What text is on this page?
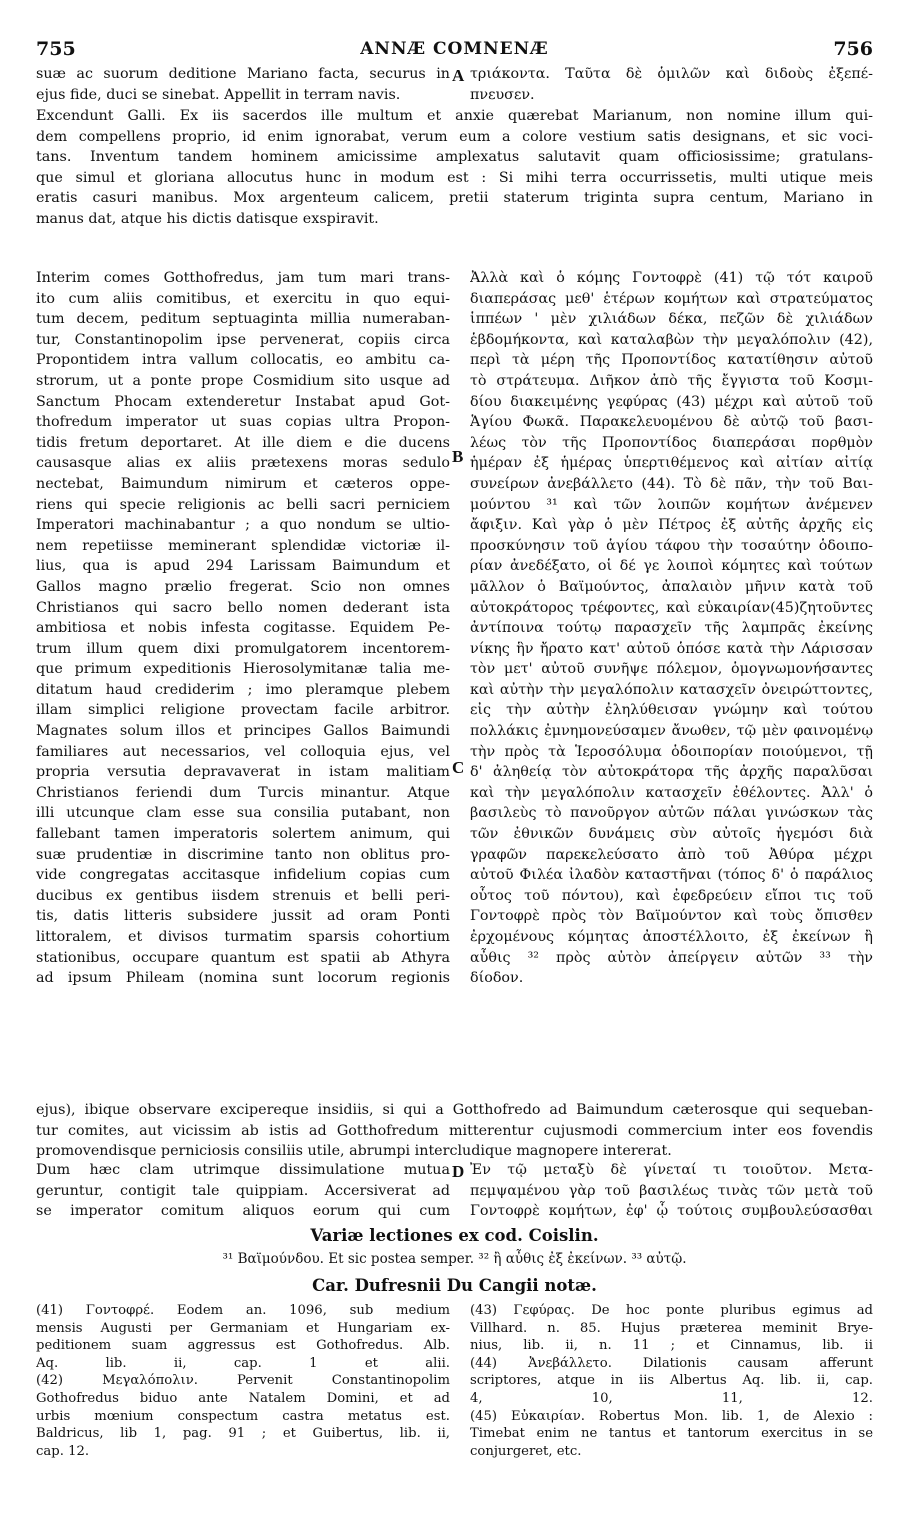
755	ANNÆ COMNENÆ	756
suæ ac suorum deditione Mariano facta, securus in
ejus fide, duci se sinebat. Appellit in terram navis.
A τριάκοντα. Ταῦτα δὲ ὁμιλῶν καὶ διδοὺς ἐξεπέ-
πνευσεν.
Excendunt Galli. Ex iis sacerdos ille multum et anxie quærebat Marianum, non nomine illum qui-
dem compellens proprio, id enim ignorabat, verum eum a colore vestium satis designans, et sic voci-
tans. Inventum tandem hominem amicissime amplexatus salutavit quam officiosissime; gratulans-
que simul et gloriana allocutus hunc in modum est : Si mihi terra occurrissetis, multi utique meis
eratis casuri manibus. Mox argenteum calicem, pretii staterum triginta supra centum, Mariano in
manus dat, atque his dictis datisque exspiravit.
Interim comes Gotthofredus, jam tum mari trans-
ito cum aliis comitibus, et exercitu in quo equi-
tum decem, peditum septuaginta millia numeraban-
tur, Constantinopolim ipse pervenerat, copiis circa
Propontidem intra vallum collocatis, eo ambitu ca-
strorum, ut a ponte prope Cosmidium sito usque ad
Sanctum Phocam extenderetur Instabat apud Got-
thofredum imperator ut suas copias ultra Propon-
tidis fretum deportaret. At ille diem e die ducens
causasque alias ex aliis prætexens moras sedulo
nectebat, Baimundum nimirum et cæteros oppe-
riens qui specie religionis ac belli sacri perniciem
Imperatori machinabantur ; a quo nondum se ultio-
nem repetiisse meminerant splendidæ victoriæ il-
lius, qua is apud 294 Larissam Baimundum et
Gallos magno prælio fregerat. Scio non omnes
Christianos qui sacro bello nomen dederant ista
ambitiosa et nobis infesta cogitasse. Equidem Pe-
trum illum quem dixi promulgatorem incentorem-
que primum expeditionis Hierosolymitanæ talia me-
ditatum haud crediderim ; imo pleramque plebem
illam simplici religione provectam facile arbitror.
Magnates solum illos et principes Gallos Baimundi
familiares aut necessarios, vel colloquia ejus, vel
propria versutia depravaverat in istam malitiam
Christianos feriendi dum Turcis minantur. Atque
illi utcunque clam esse sua consilia putabant, non
fallebant tamen imperatoris solertem animum, qui
suæ prudentiæ in discrimine tanto non oblitus pro-
vide congregatas accitasque infidelium copias cum
ducibus ex gentibus iisdem strenuis et belli peri-
tis, datis litteris subsidere jussit ad oram Ponti
littoralem, et divisos turmatim sparsis cohortium
stationibus, occupare quantum est spatii ab Athyra
ad ipsum Phileam (nomina sunt locorum regionis
Ἀλλὰ καὶ ὁ κόμης Γοντοφρὲ (41) τῷ τότ καιροῦ
διαπεράσας μεθ' ἑτέρων κομήτων καὶ στρατεύματος
ἱππέων ' μὲν χιλιάδων δέκα, πεζῶν δὲ χιλιάδων
ἑβδομήκοντα, καὶ καταλαβὼν τὴν μεγαλόπολιν (42),
περὶ τὰ μέρη τῆς Προποντίδος κατατίθησιν αὐτοῦ
τὸ στράτευμα. Διῆκον ἀπὸ τῆς ἔγγιστα τοῦ Κοσμι-
δίου διακειμένης γεφύρας (43) μέχρι καὶ αὐτοῦ τοῦ
Ἁγίου Φωκᾶ. Παρακελευομένου δὲ αὐτῷ τοῦ βασι-
λέως τὸν τῆς Προποντίδος διαπεράσαι πορθμὸν
ἡμέραν ἐξ ἡμέρας ὑπερτιθέμενος καὶ αἰτίαν αἰτίᾳ
συνείρων ἀνεβάλλετο (44). Τὸ δὲ πᾶν, τὴν τοῦ Βαι-
μούντου ³¹ καὶ τῶν λοιπῶν κομήτων ἀνέμενεν
ἄφιξιν. Καὶ γὰρ ὁ μὲν Πέτρος ἐξ αὐτῆς ἀρχῆς εἰς
προσκύνησιν τοῦ ἁγίου τάφου τὴν τοσαύτην ὁδοιπο-
ρίαν ἀνεδέξατο, οἱ δέ γε λοιποὶ κόμητες καὶ τούτων
μᾶλλον ὁ Βαϊμούντος, ἀπαλαιὸν μῆνιν κατὰ τοῦ
αὐτοκράτορος τρέφοντες, καὶ εὐκαιρίαν(45)ζητοῦντες
ἀντίποινα τούτῳ παρασχεῖν τῆς λαμπρᾶς ἐκείνης
νίκης ἣν ἤρατο κατ' αὐτοῦ ὁπόσε κατὰ τὴν Λάρισσαν
τὸν μετ' αὐτοῦ συνῆψε πόλεμον, ὁμογνωμονήσαντες
καὶ αὐτὴν τὴν μεγαλόπολιν κατασχεῖν ὀνειρώττοντες,
εἰς τὴν αὐτὴν ἐληλύθεισαν γνώμην καὶ τούτου
πολλάκις ἐμνημονεύσαμεν ἄνωθεν, τῷ μὲν φαινομένῳ
τὴν πρὸς τὰ Ἱεροσόλυμα ὁδοιπορίαν ποιούμενοι, τῇ
δ' ἀληθείᾳ τὸν αὐτοκράτορα τῆς ἀρχῆς παραλῦσαι
καὶ τὴν μεγαλόπολιν κατασχεῖν ἐθέλοντες. Ἀλλ' ὁ
βασιλεὺς τὸ πανοῦργον αὐτῶν πάλαι γινώσκων τὰς
τῶν ἐθνικῶν δυνάμεις σὺν αὐτοῖς ἡγεμόσι διὰ
γραφῶν παρεκελεύσατο ἀπὸ τοῦ Ἀθύρα μέχρι
αὐτοῦ Φιλέα ἰλαδὸν καταστῆναι (τόπος δ' ὁ παράλιος
οὗτος τοῦ πόντου), καὶ ἐφεδρεύειν εἴποι τις τοῦ
Γοντοφρὲ πρὸς τὸν Βαϊμούντον καὶ τοὺς ὄπισθεν
ἐρχομένους κόμητας ἀποστέλλοιτο, ἐξ ἐκείνων ἢ
αὖθις ³² πρὸς αὐτὸν ἀπείργειν αὐτῶν ³³ τὴν
δίοδον.
B
C
ejus), ibique observare excipereque insidiis, si qui a Gotthofredo ad Baimundum cæterosque qui sequeban-
tur comites, aut vicissim ab istis ad Gotthofredum mitterentur cujusmodi commercium inter eos fovendis
promovendisque perniciosis consiliis utile, abrumpi intercludique magnopere intererat.
Dum hæc clam utrimque dissimulatione mutua
geruntur, contigit tale quippiam. Accersiverat ad
se imperator comitum aliquos eorum qui cum
D Ἐν τῷ μεταξὺ δὲ γίνεταί τι τοιοῦτον. Μετα-
πεμψαμένου γὰρ τοῦ βασιλέως τινὰς τῶν μετὰ τοῦ
Γοντοφρὲ κομήτων, ἐφ' ᾧ τούτοις συμβουλεύσασθαι
Variæ lectiones ex cod. Coislin.
³¹ Βαϊμούνδου. Et sic postea semper. ³² ἢ αὖθις ἐξ ἐκείνων. ³³ αὐτῷ.
Car. Dufresnii Du Cangii notæ.
(41) Γοντοφρέ. Eodem an. 1096, sub medium
mensis Augusti per Germaniam et Hungariam ex-
peditionem suam aggressus est Gothofredus. Alb.
Aq. lib. ii, cap. 1 et alii.
(42) Μεγαλόπολιν. Pervenit Constantinopolim
Gothofredus biduo ante Natalem Domini, et ad
urbis mœnium conspectum castra metatus est.
Baldricus, lib 1, pag. 91 ; et Guibertus, lib. ii,
cap. 12.
(43) Γεφύρας. De hoc ponte pluribus egimus ad
Villhard. n. 85. Hujus præterea meminit Brye-
nius, lib. ii, n. 11 ; et Cinnamus, lib. ii
(44) Ἀνεβάλλετο. Dilationis causam afferunt
scriptores, atque in iis Albertus Aq. lib. ii, cap.
4, 10, 11, 12.
(45) Εὐκαιρίαν. Robertus Mon. lib. 1, de Alexio :
Timebat enim ne tantus et tantorum exercitus in se
conjurgeret, etc.
